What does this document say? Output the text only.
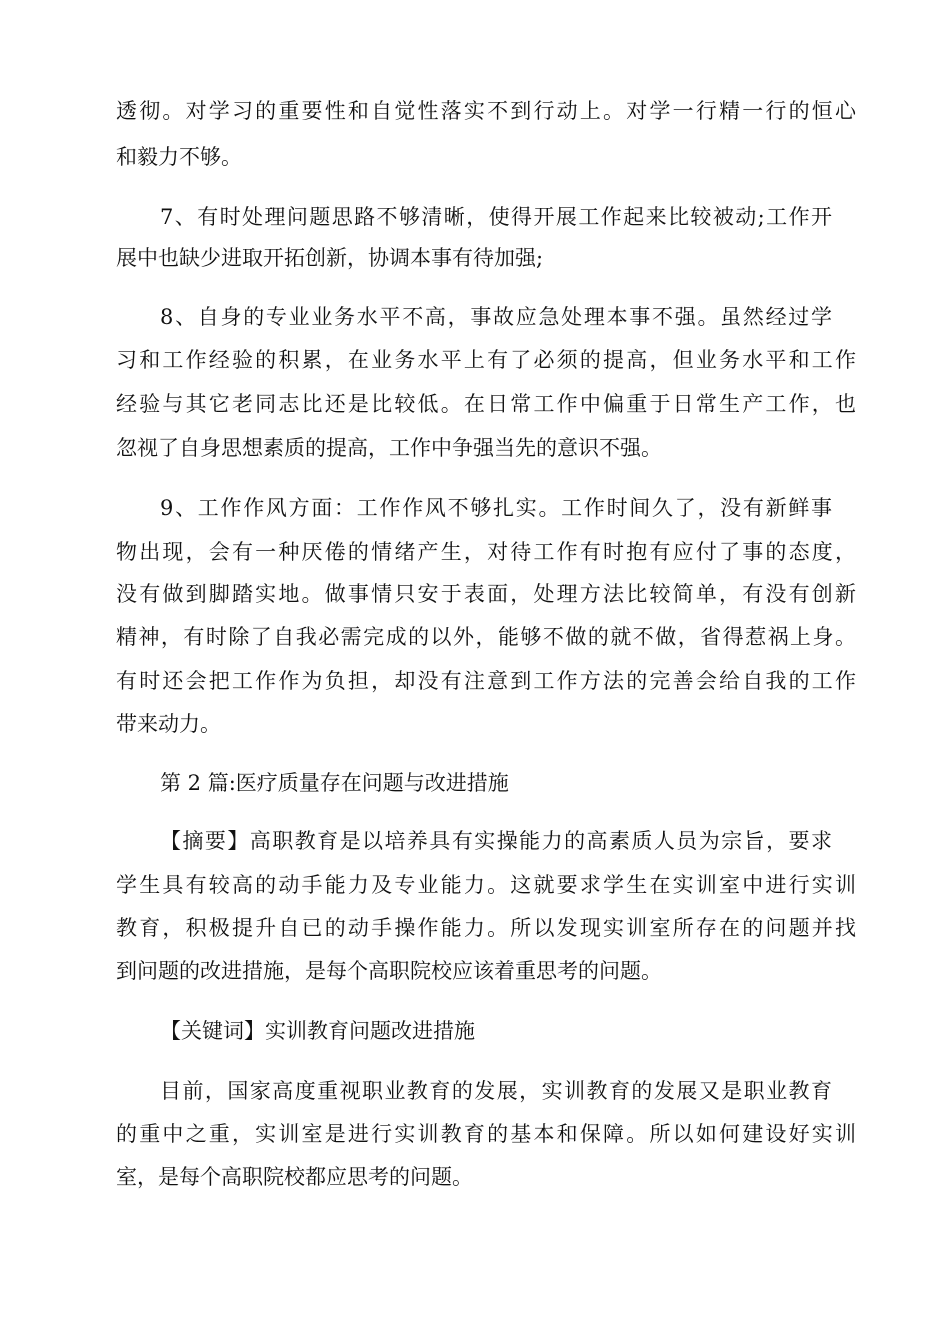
透彻。对学习的重要性和自觉性落实不到行动上。对学一行精一行的恒心
和毅力不够。
7、有时处理问题思路不够清晰，使得开展工作起来比较被动;工作开
展中也缺少进取开拓创新，协调本事有待加强;
8、自身的专业业务水平不高，事故应急处理本事不强。虽然经过学
习和工作经验的积累，在业务水平上有了必须的提高，但业务水平和工作
经验与其它老同志比还是比较低。在日常工作中偏重于日常生产工作，也
忽视了自身思想素质的提高，工作中争强当先的意识不强。
9、工作作风方面：工作作风不够扎实。工作时间久了，没有新鲜事
物出现，会有一种厌倦的情绪产生，对待工作有时抱有应付了事的态度，
没有做到脚踏实地。做事情只安于表面，处理方法比较简单，有没有创新
精神，有时除了自我必需完成的以外，能够不做的就不做，省得惹祸上身。
有时还会把工作作为负担，却没有注意到工作方法的完善会给自我的工作
带来动力。
第 2 篇:医疗质量存在问题与改进措施
【摘要】高职教育是以培养具有实操能力的高素质人员为宗旨，要求
学生具有较高的动手能力及专业能力。这就要求学生在实训室中进行实训
教育，积极提升自已的动手操作能力。所以发现实训室所存在的问题并找
到问题的改进措施，是每个高职院校应该着重思考的问题。
【关键词】实训教育问题改进措施
目前，国家高度重视职业教育的发展，实训教育的发展又是职业教育
的重中之重，实训室是进行实训教育的基本和保障。所以如何建设好实训
室，是每个高职院校都应思考的问题。
